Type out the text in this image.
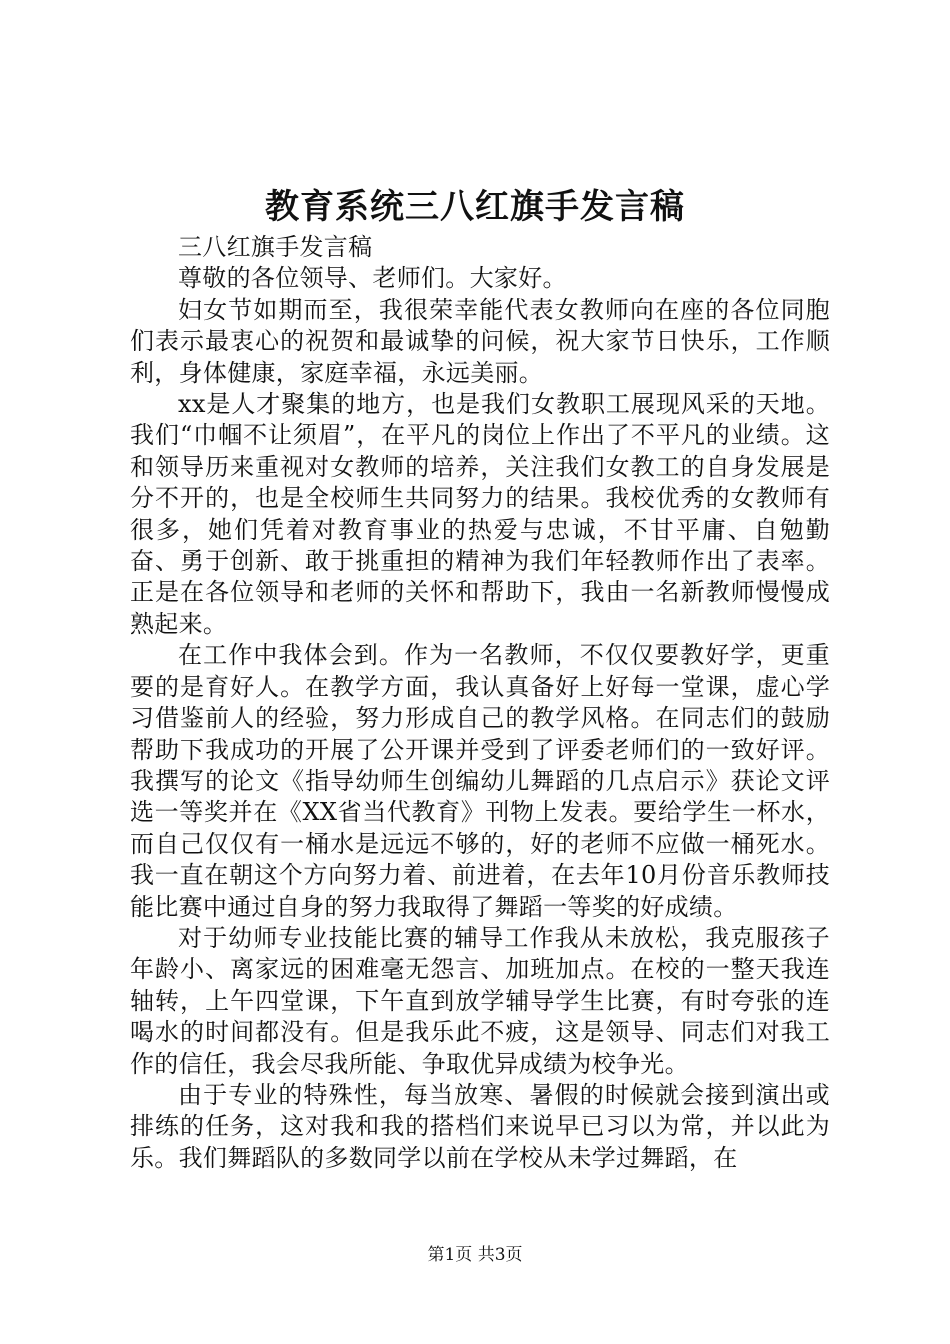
教育系统三八红旗手发言稿

三八红旗手发言稿

尊敬的各位领导、老师们。大家好。

妇女节如期而至，我很荣幸能代表女教师向在座的各位同胞们表示最衷心的祝贺和最诚挚的问候，祝大家节日快乐，工作顺利，身体健康，家庭幸福，永远美丽。

xx是人才聚集的地方，也是我们女教职工展现风采的天地。我们“巾帼不让须眉”，在平凡的岗位上作出了不平凡的业绩。这和领导历来重视对女教师的培养，关注我们女教工的自身发展是分不开的，也是全校师生共同努力的结果。我校优秀的女教师有很多，她们凭着对教育事业的热爱与忠诚，不甘平庸、自勉勤奋、勇于创新、敢于挑重担的精神为我们年轻教师作出了表率。正是在各位领导和老师的关怀和帮助下，我由一名新教师慢慢成熟起来。

在工作中我体会到。作为一名教师，不仅仅要教好学，更重要的是育好人。在教学方面，我认真备好上好每一堂课，虚心学习借鉴前人的经验，努力形成自己的教学风格。在同志们的鼓励帮助下我成功的开展了公开课并受到了评委老师们的一致好评。我撰写的论文《指导幼师生创编幼儿舞蹈的几点启示》获论文评选一等奖并在《XX省当代教育》刊物上发表。要给学生一杯水，而自己仅仅有一桶水是远远不够的，好的老师不应做一桶死水。我一直在朝这个方向努力着、前进着，在去年10月份音乐教师技能比赛中通过自身的努力我取得了舞蹈一等奖的好成绩。

对于幼师专业技能比赛的辅导工作我从未放松，我克服孩子年龄小、离家远的困难毫无怨言、加班加点。在校的一整天我连轴转，上午四堂课，下午直到放学辅导学生比赛，有时夸张的连喝水的时间都没有。但是我乐此不疲，这是领导、同志们对我工作的信任，我会尽我所能、争取优异成绩为校争光。

由于专业的特殊性，每当放寒、暑假的时候就会接到演出或排练的任务，这对我和我的搭档们来说早已习以为常，并以此为乐。我们舞蹈队的多数同学以前在学校从未学过舞蹈，在

第1页 共3页
